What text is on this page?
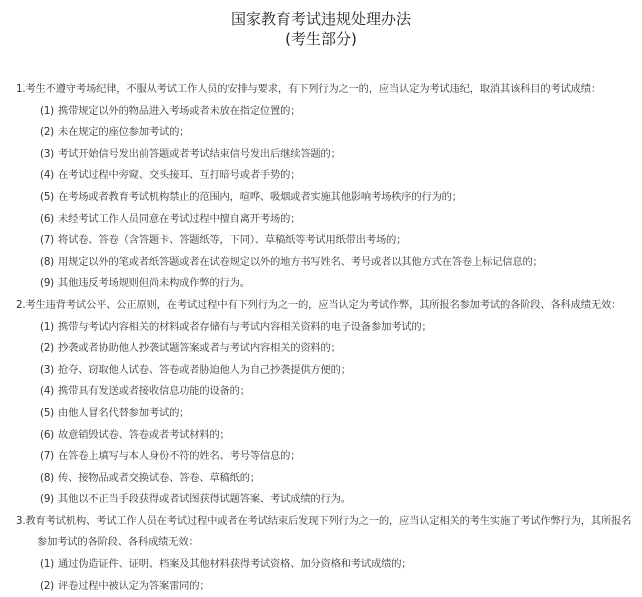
国家教育考试违规处理办法
(考生部分)
1.考生不遵守考场纪律，不服从考试工作人员的安排与要求，有下列行为之一的，应当认定为考试违纪，取消其该科目的考试成绩：
(1) 携带规定以外的物品进入考场或者未放在指定位置的；
(2) 未在规定的座位参加考试的；
(3) 考试开始信号发出前答题或者考试结束信号发出后继续答题的；
(4) 在考试过程中旁窥、交头接耳、互打暗号或者手势的；
(5) 在考场或者教育考试机构禁止的范围内，喧哗、吸烟或者实施其他影响考场秩序的行为的；
(6) 未经考试工作人员同意在考试过程中擅自离开考场的；
(7) 将试卷、答卷（含答题卡、答题纸等，下同）、草稿纸等考试用纸带出考场的；
(8) 用规定以外的笔或者纸答题或者在试卷规定以外的地方书写姓名、考号或者以其他方式在答卷上标记信息的；
(9) 其他违反考场规则但尚未构成作弊的行为。
2.考生违背考试公平、公正原则，在考试过程中有下列行为之一的，应当认定为考试作弊，其所报名参加考试的各阶段、各科成绩无效：
(1) 携带与考试内容相关的材料或者存储有与考试内容相关资料的电子设备参加考试的；
(2) 抄袭或者协助他人抄袭试题答案或者与考试内容相关的资料的；
(3) 抢夺、窃取他人试卷、答卷或者胁迫他人为自己抄袭提供方便的；
(4) 携带具有发送或者接收信息功能的设备的；
(5) 由他人冒名代替参加考试的；
(6) 故意销毁试卷、答卷或者考试材料的；
(7) 在答卷上填写与本人身份不符的姓名、考号等信息的；
(8) 传、接物品或者交换试卷、答卷、草稿纸的；
(9) 其他以不正当手段获得或者试图获得试题答案、考试成绩的行为。
3.教育考试机构、考试工作人员在考试过程中或者在考试结束后发现下列行为之一的，应当认定相关的考生实施了考试作弊行为，其所报名
参加考试的各阶段、各科成绩无效：
(1) 通过伪造证件、证明、档案及其他材料获得考试资格、加分资格和考试成绩的；
(2) 评卷过程中被认定为答案雷同的；
